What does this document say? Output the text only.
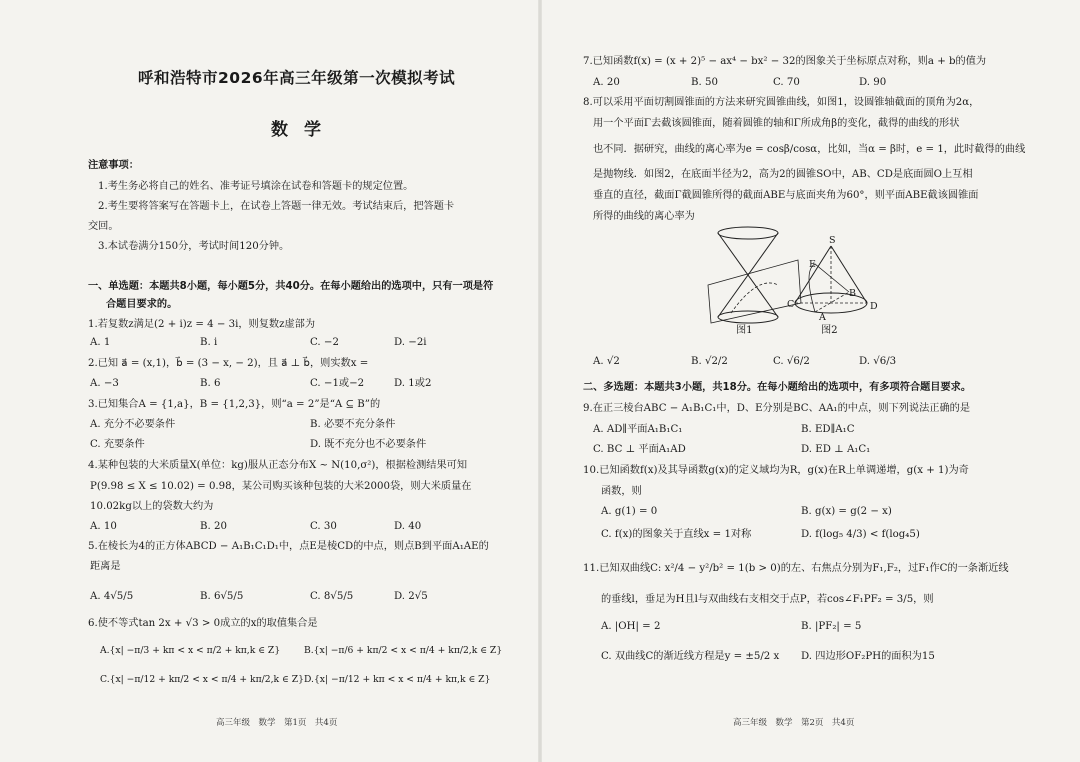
呼和浩特市2026年高三年级第一次模拟考试
数学
注意事项：
1.考生务必将自己的姓名、准考证号填涂在试卷和答题卡的规定位置。
2.考生要将答案写在答题卡上，在试卷上答题一律无效。考试结束后，把答题卡
交回。
3.本试卷满分150分，考试时间120分钟。
一、单选题：本题共8小题，每小题5分，共40分。在每小题给出的选项中，只有一项是符
合题目要求的。
1.若复数z满足(2 + i)z = 4 − 3i，则复数z虚部为
A. 1	B. i	C. −2	D. −2i
2.已知 a⃗ = (x,1)，b⃗ = (3 − x, − 2)，且 a⃗ ⊥ b⃗，则实数x =
A. −3	B. 6	C. −1或−2	D. 1或2
3.已知集合A = {1,a}，B = {1,2,3}，则“a = 2”是“A ⊆ B”的
A. 充分不必要条件	B. 必要不充分条件
C. 充要条件	D. 既不充分也不必要条件
4.某种包装的大米质量X(单位：kg)服从正态分布X ~ N(10,σ²)，根据检测结果可知
P(9.98 ≤ X ≤ 10.02) = 0.98，某公司购买该种包装的大米2000袋，则大米质量在
10.02kg以上的袋数大约为
A. 10	B. 20	C. 30	D. 40
5.在棱长为4的正方体ABCD − A₁B₁C₁D₁中，点E是棱CD的中点，则点B到平面A₁AE的
距离是
A. 4√5/5	B. 6√5/5	C. 8√5/5	D. 2√5
6.使不等式tan 2x + √3 > 0成立的x的取值集合是
A.{x| −π/3 + kπ < x < π/2 + kπ,k ∈ Z}	B.{x| −π/6 + kπ/2 < x < π/4 + kπ/2,k ∈ Z}
C.{x| −π/12 + kπ/2 < x < π/4 + kπ/2,k ∈ Z} D.{x| −π/12 + kπ < x < π/4 + kπ,k ∈ Z}
高三年级　数学　第1页　共4页
7.已知函数f(x) = (x + 2)⁵ − ax⁴ − bx² − 32的图象关于坐标原点对称，则a + b的值为
A. 20	B. 50	C. 70	D. 90
8.可以采用平面切割圆锥面的方法来研究圆锥曲线，如图1，设圆锥轴截面的顶角为2α，
用一个平面Γ去截该圆锥面，随着圆锥的轴和Γ所成角β的变化，截得的曲线的形状
也不同．据研究，曲线的离心率为e = cosβ/cosα，比如，当α = β时，e = 1，此时截得的曲线
是抛物线．如图2，在底面半径为2，高为2的圆锥SO中，AB、CD是底面圆O上互相
垂直的直径，截面Γ截圆锥所得的截面ABE与底面夹角为60°，则平面ABE截该圆锥面
所得的曲线的离心率为
图1
S
E
C
B
D
A
图2
A. √2	B. √2/2	C. √6/2	D. √6/3
二、多选题：本题共3小题，共18分。在每小题给出的选项中，有多项符合题目要求。
9.在正三棱台ABC − A₁B₁C₁中，D、E分别是BC、AA₁的中点，则下列说法正确的是
A. AD∥平面A₁B₁C₁	B. ED∥A₁C
C. BC ⊥ 平面A₁AD	D. ED ⊥ A₁C₁
10.已知函数f(x)及其导函数g(x)的定义域均为R，g(x)在R上单调递增，g(x + 1)为奇
函数，则
A. g(1) = 0	B. g(x) = g(2 − x)
C. f(x)的图象关于直线x = 1对称	D. f(log₅ 4/3) < f(log₄5)
11.已知双曲线C: x²/4 − y²/b² = 1(b > 0)的左、右焦点分别为F₁,F₂，过F₁作C的一条渐近线
的垂线l，垂足为H且l与双曲线右支相交于点P，若cos∠F₁PF₂ = 3/5，则
A. |OH| = 2	B. |PF₂| = 5
C. 双曲线C的渐近线方程是y = ±5/2 x D. 四边形OF₂PH的面积为15
高三年级　数学　第2页　共4页
